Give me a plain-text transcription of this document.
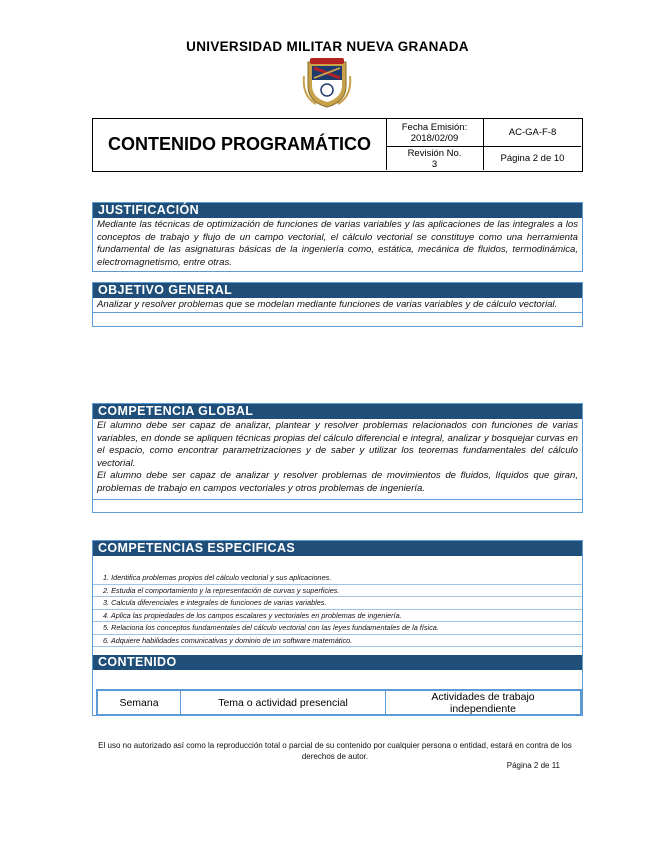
UNIVERSIDAD MILITAR NUEVA GRANADA
CONTENIDO PROGRAMÁTICO
Fecha Emisión:
2018/02/09	AC-GA-F-8
Revisión No.
3	Página 2 de 10
JUSTIFICACIÓN
Mediante las técnicas de optimización de funciones de varias variables y las aplicaciones de las integrales a los conceptos de trabajo y flujo de un campo vectorial, el cálculo vectorial se constituye como una herramienta fundamental de las asignaturas básicas de la ingeniería como, estática, mecánica de fluidos, termodinámica, electromagnetismo, entre otras.
OBJETIVO GENERAL
Analizar y resolver problemas que se modelan mediante funciones de varias variables y de cálculo vectorial.
COMPETENCIA GLOBAL

El alumno debe ser capaz de analizar, plantear y resolver problemas relacionados con funciones de varias variables, en donde se apliquen técnicas propias del cálculo diferencial e integral, analizar y bosquejar curvas en el espacio, como encontrar parametrizaciones y de saber y utilizar los teoremas fundamentales del cálculo vectorial.

El alumno debe ser capaz de analizar y resolver problemas de movimientos de fluidos, líquidos que giran, problemas de trabajo en campos vectoriales y otros problemas de ingeniería.

COMPETENCIAS ESPECIFICAS
1. Identifica problemas propios del cálculo vectorial y sus aplicaciones.
2. Estudia el comportamiento y la representación de curvas y superficies.
3. Calcula diferenciales e integrales de funciones de varias variables.
4. Aplica las propiedades de los campos escalares y vectoriales en problemas de ingeniería.
5. Relaciona los conceptos fundamentales del cálculo vectorial con las leyes fundamentales de la física.
6. Adquiere habilidades comunicativas y dominio de un software matemático.
CONTENIDO
Semana	Tema o actividad presencial	Actividades de trabajo independiente
El uso no autorizado así como la reproducción total o parcial de su contenido por cualquier persona o entidad, estará en contra de los derechos de autor.
Página 2 de 11
